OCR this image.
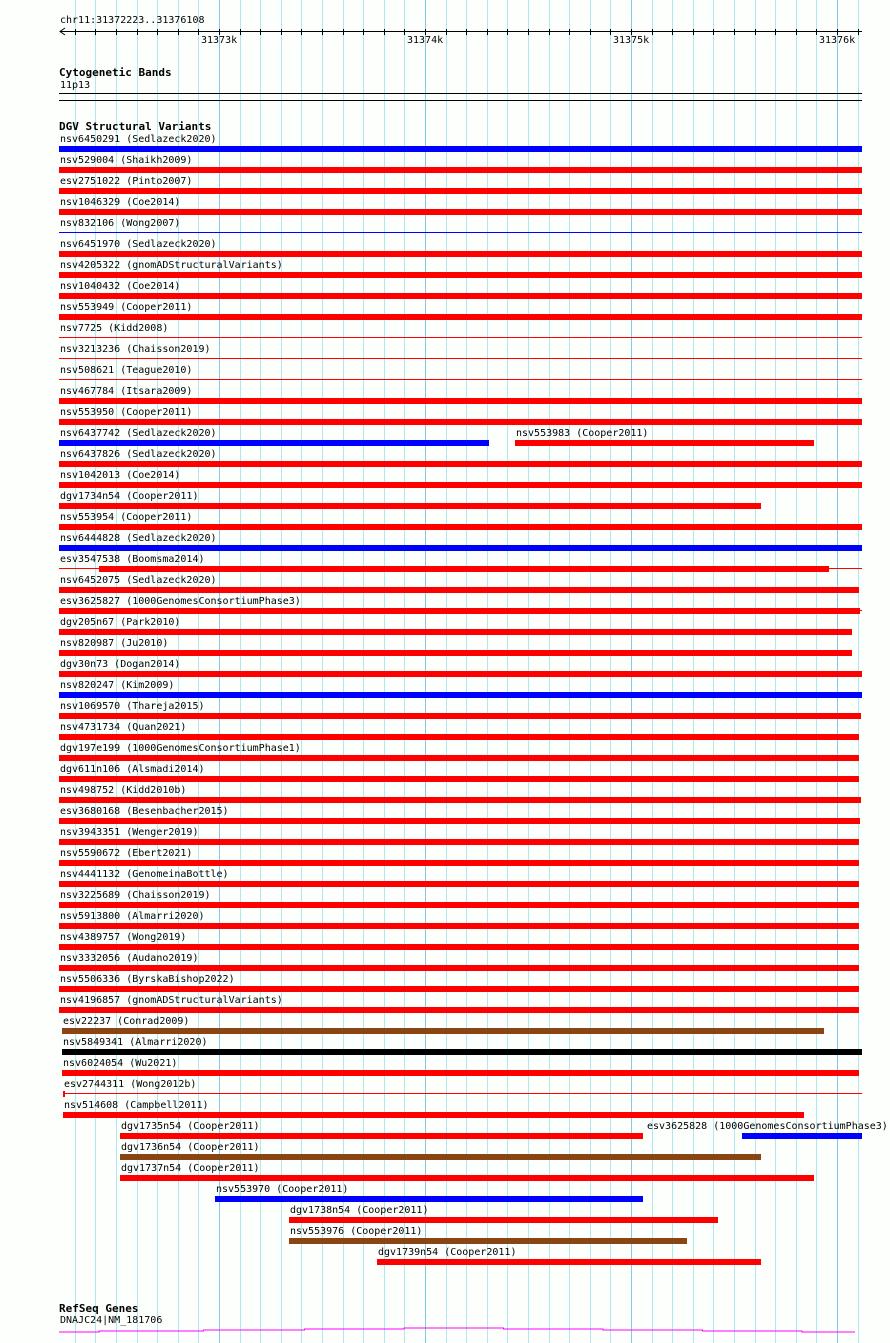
chr11:31372223..31376108
Cytogenetic Bands
11p13
DGV Structural Variants
nsv6450291 (Sedlazeck2020)
nsv529004 (Shaikh2009)
esv2751022 (Pinto2007)
nsv1046329 (Coe2014)
nsv832106 (Wong2007)
nsv6451970 (Sedlazeck2020)
nsv4205322 (gnomADStructuralVariants)
nsv1040432 (Coe2014)
nsv553949 (Cooper2011)
nsv7725 (Kidd2008)
nsv3213236 (Chaisson2019)
nsv508621 (Teague2010)
nsv467784 (Itsara2009)
nsv553950 (Cooper2011)
nsv6437742 (Sedlazeck2020)	nsv553983 (Cooper2011)
nsv6437826 (Sedlazeck2020)
nsv1042013 (Coe2014)
dgv1734n54 (Cooper2011)
nsv553954 (Cooper2011)
nsv6444828 (Sedlazeck2020)
esv3547538 (Boomsma2014)
nsv6452075 (Sedlazeck2020)
esv3625827 (1000GenomesConsortiumPhase3)
dgv205n67 (Park2010)
nsv820987 (Ju2010)
dgv30n73 (Dogan2014)
nsv820247 (Kim2009)
nsv1069570 (Thareja2015)
nsv4731734 (Quan2021)
dgv197e199 (1000GenomesConsortiumPhase1)
dgv611n106 (Alsmadi2014)
nsv498752 (Kidd2010b)
esv3680168 (Besenbacher2015)
nsv3943351 (Wenger2019)
nsv5590672 (Ebert2021)
nsv4441132 (GenomeinaBottle)
nsv3225689 (Chaisson2019)
nsv5913800 (Almarri2020)
nsv4389757 (Wong2019)
nsv3332056 (Audano2019)
nsv5506336 (ByrskaBishop2022)
nsv4196857 (gnomADStructuralVariants)
esv22237 (Conrad2009)
nsv5849341 (Almarri2020)
nsv6024054 (Wu2021)
esv2744311 (Wong2012b)
nsv514608 (Campbell2011)
dgv1735n54 (Cooper2011)	esv3625828 (1000GenomesConsortiumPhase3)
dgv1736n54 (Cooper2011)
dgv1737n54 (Cooper2011)
nsv553970 (Cooper2011)
dgv1738n54 (Cooper2011)
nsv553976 (Cooper2011)
dgv1739n54 (Cooper2011)
RefSeq Genes
DNAJC24|NM_181706
31373k	31374k	31375k	31376k
